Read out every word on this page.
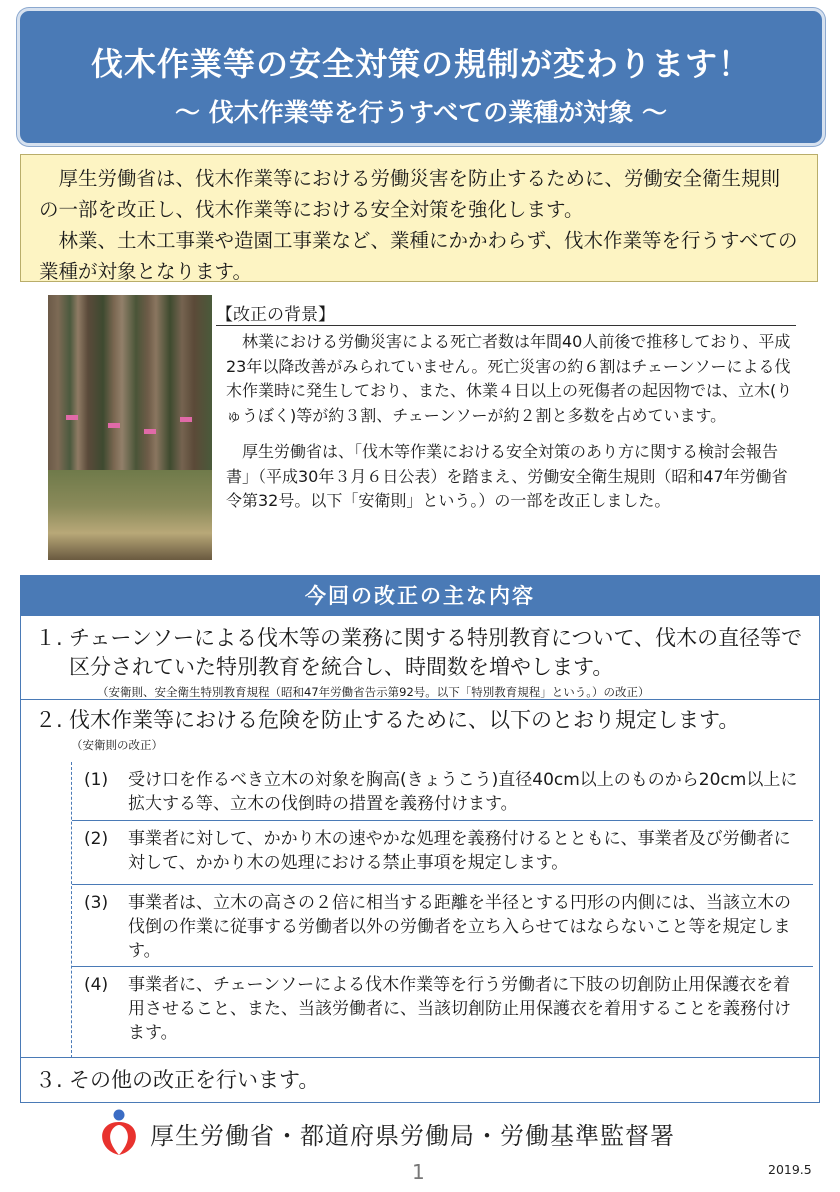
伐木作業等の安全対策の規制が変わります！
～ 伐木作業等を行うすべての業種が対象 ～

厚生労働省は、伐木作業等における労働災害を防止するために、労働安全衛生規則の一部を改正し、伐木作業等における安全対策を強化します。

林業、土木工事業や造園工事業など、業種にかかわらず、伐木作業等を行うすべての業種が対象となります。

【改正の背景】

林業における労働災害による死亡者数は年間40人前後で推移しており、平成23年以降改善がみられていません。死亡災害の約６割はチェーンソーによる伐木作業時に発生しており、また、休業４日以上の死傷者の起因物では、立木(りゅうぼく)等が約３割、チェーンソーが約２割と多数を占めています。

厚生労働省は、「伐木等作業における安全対策のあり方に関する検討会報告書」（平成30年３月６日公表）を踏まえ、労働安全衛生規則（昭和47年労働省令第32号。以下「安衛則」という。）の一部を改正しました。

今回の改正の主な内容
１. チェーンソーによる伐木等の業務に関する特別教育について、伐木の直径等で区分されていた特別教育を統合し、時間数を増やします。
（安衛則、安全衛生特別教育規程（昭和47年労働省告示第92号。以下「特別教育規程」という。）の改正）
２. 伐木作業等における危険を防止するために、以下のとおり規定します。
（安衛則の改正）
(1)	受け口を作るべき立木の対象を胸高(きょうこう)直径40cm以上のものから20cm以上に拡大する等、立木の伐倒時の措置を義務付けます。
(2)	事業者に対して、かかり木の速やかな処理を義務付けるとともに、事業者及び労働者に対して、かかり木の処理における禁止事項を規定します。
(3)	事業者は、立木の高さの２倍に相当する距離を半径とする円形の内側には、当該立木の伐倒の作業に従事する労働者以外の労働者を立ち入らせてはならないこと等を規定します。
(4)	事業者に、チェーンソーによる伐木作業等を行う労働者に下肢の切創防止用保護衣を着用させること、また、当該労働者に、当該切創防止用保護衣を着用することを義務付けます。
３. その他の改正を行います。
厚生労働省・都道府県労働局・労働基準監督署
1	2019.5
